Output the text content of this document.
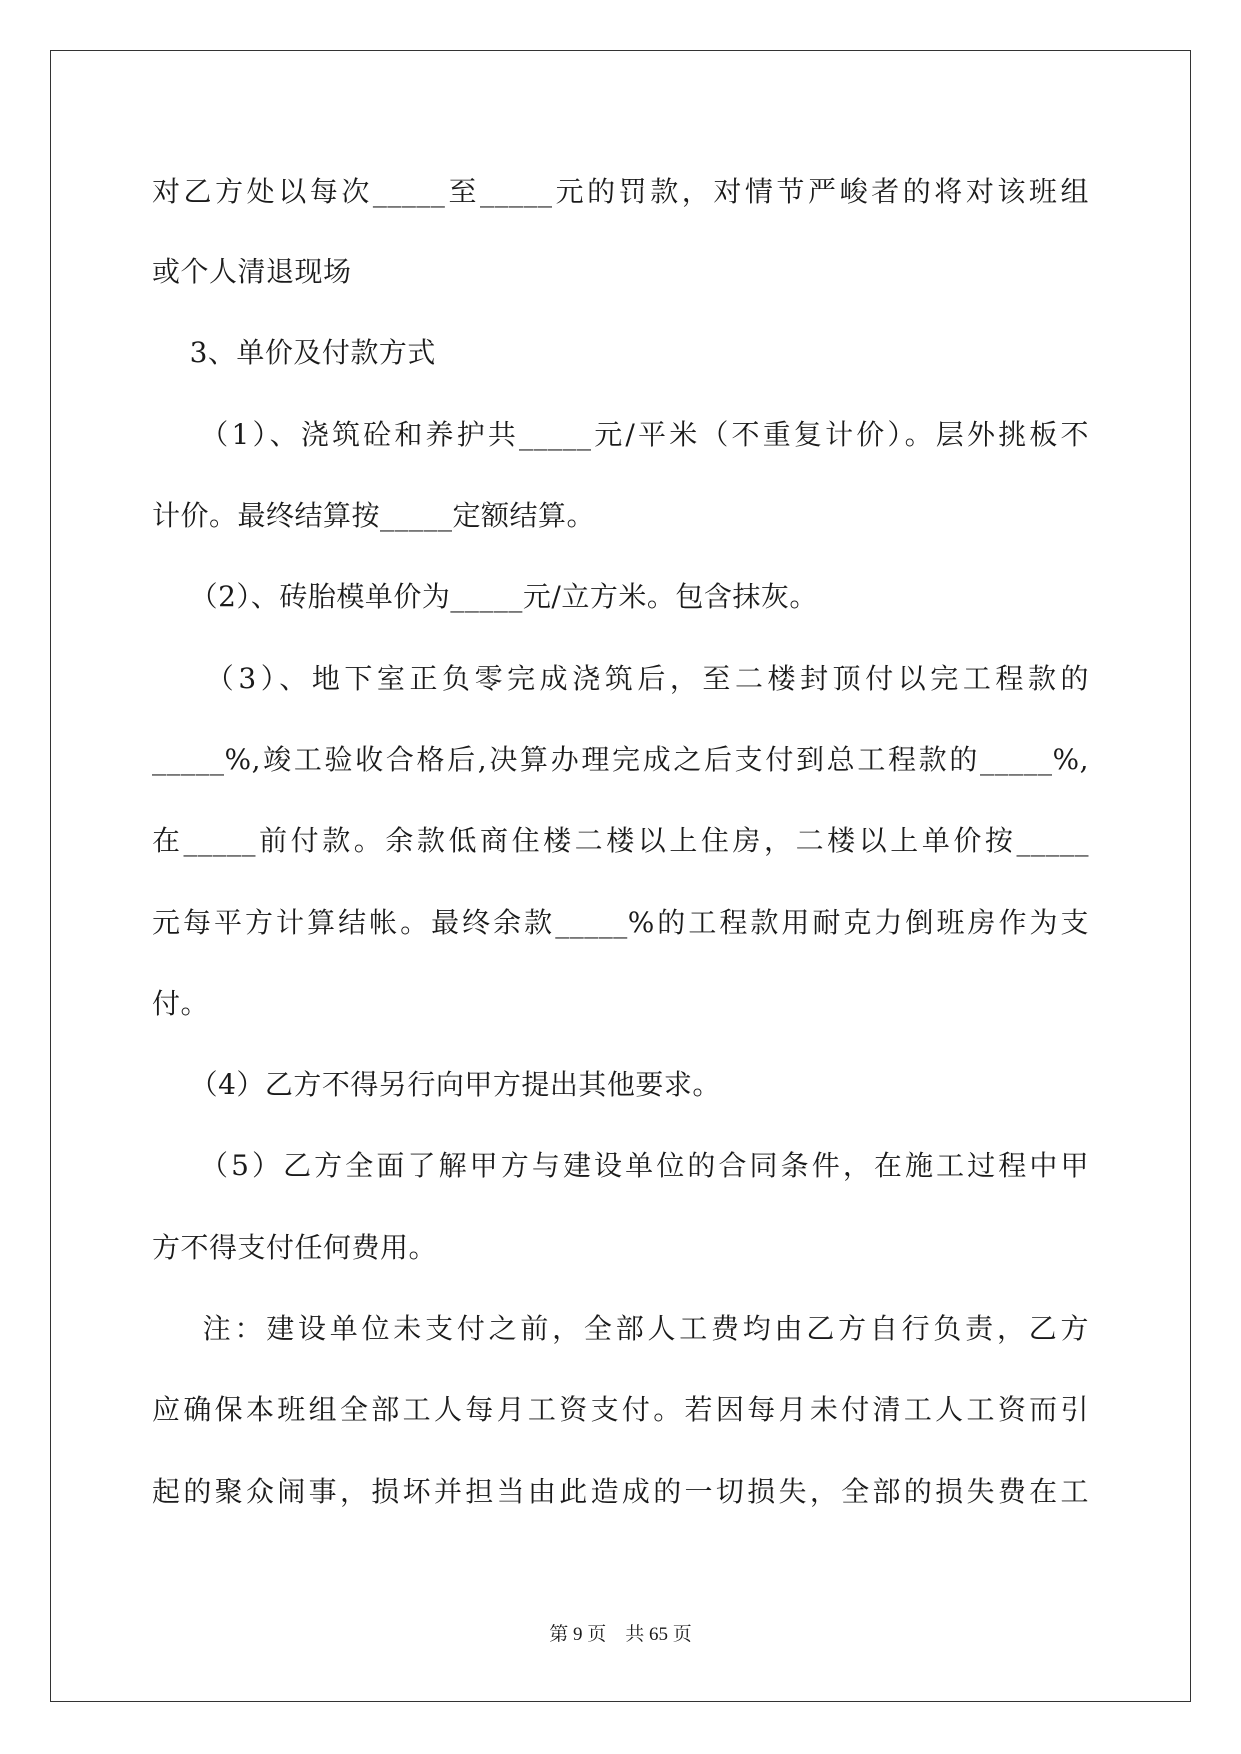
对乙方处以每次_____至_____元的罚款，对情节严峻者的将对该班组
或个人清退现场
3、单价及付款方式
（1）、浇筑砼和养护共_____元/平米（不重复计价）。层外挑板不
计价。最终结算按_____定额结算。
（2）、砖胎模单价为_____元/立方米。包含抹灰。
（3）、地下室正负零完成浇筑后，至二楼封顶付以完工程款的
_____%,竣工验收合格后,决算办理完成之后支付到总工程款的_____%,
在_____前付款。余款低商住楼二楼以上住房，二楼以上单价按_____
元每平方计算结帐。最终余款_____%的工程款用耐克力倒班房作为支
付。
（4）乙方不得另行向甲方提出其他要求。
（5）乙方全面了解甲方与建设单位的合同条件，在施工过程中甲
方不得支付任何费用。
注：建设单位未支付之前，全部人工费均由乙方自行负责，乙方
应确保本班组全部工人每月工资支付。若因每月未付清工人工资而引
起的聚众闹事，损坏并担当由此造成的一切损失，全部的损失费在工
第 9 页    共 65 页
